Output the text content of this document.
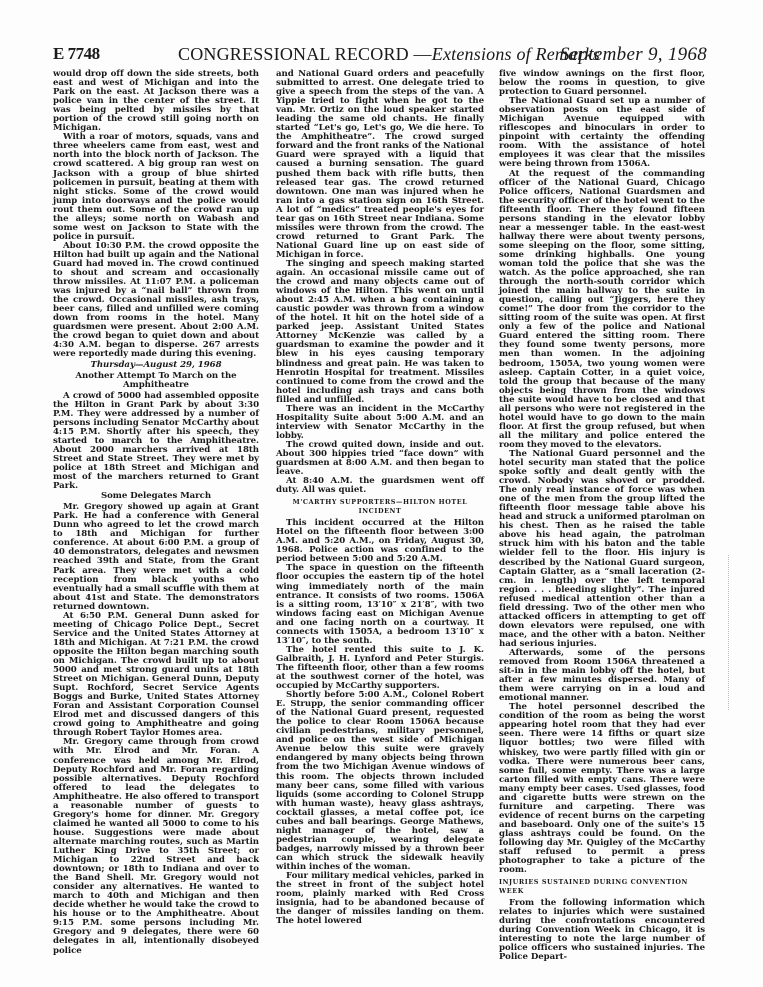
E 7748	CONGRESSIONAL RECORD —Extensions of Remarks
September 9, 1968

would drop off down the side streets, both east and west of Michigan and into the Park on the east. At Jackson there was a police van in the center of the street. It was being pelted by missiles by that portion of the crowd still going north on Michigan.

With a roar of motors, squads, vans and three wheelers came from east, west and north into the block north of Jackson. The crowd scattered. A big group ran west on Jackson with a group of blue shirted policemen in pursuit, beating at them with night sticks. Some of the crowd would jump into doorways and the police would rout them out. Some of the crowd ran up the alleys; some north on Wabash and some west on Jackson to State with the police in pursuit.

About 10:30 P.M. the crowd opposite the Hilton had built up again and the National Guard had moved in. The crowd continued to shout and scream and occasionally throw missiles. At 11:07 P.M. a policeman was injured by a “nail ball” thrown from the crowd. Occasional missiles, ash trays, beer cans, filled and unfilled were coming down from rooms in the hotel. Many guardsmen were present. About 2:00 A.M. the crowd began to quiet down and about 4:30 A.M. began to disperse. 267 arrests were reportedly made during this evening.

Thursday—August 29, 1968

Another Attempt To March on the Amphitheatre

A crowd of 5000 had assembled opposite the Hilton in Grant Park by about 3:30 P.M. They were addressed by a number of persons including Senator McCarthy about 4:15 P.M. Shortly after his speech, they started to march to the Amphitheatre. About 2000 marchers arrived at 18th Street and State Street. They were met by police at 18th Street and Michigan and most of the marchers returned to Grant Park.

Some Delegates March

Mr. Gregory showed up again at Grant Park. He had a conference with General Dunn who agreed to let the crowd march to 18th and Michigan for further conference. At about 6:00 P.M. a group of 40 demonstrators, delegates and newsmen reached 39th and State, from the Grant Park area. They were met with a cold reception from black youths who eventually had a small scuffle with them at about 41st and State. The demonstrators returned downtown.

At 6:50 P.M. General Dunn asked for meeting of Chicago Police Dept., Secret Service and the United States Attorney at 18th and Michigan. At 7:21 P.M. the crowd opposite the Hilton began marching south on Michigan. The crowd built up to about 5000 and met strong guard units at 18th Street on Michigan. General Dunn, Deputy Supt. Rochford, Secret Service Agents Boggs and Burke, United States Attorney Foran and Assistant Corporation Counsel Elrod met and discussed dangers of this crowd going to Amphitheatre and going through Robert Taylor Homes area.

Mr. Gregory came through from crowd with Mr. Elrod and Mr. Foran. A conference was held among Mr. Elrod, Deputy Rochford and Mr. Foran regarding possible alternatives. Deputy Rochford offered to lead the delegates to Amphitheatre. He also offered to transport a reasonable number of guests to Gregory's home for dinner. Mr. Gregory claimed he wanted all 5000 to come to his house. Suggestions were made about alternate marching routes, such as Martin Luther King Drive to 35th Street; or Michigan to 22nd Street and back downtown; or 18th to Indiana and over to the Band Shell. Mr. Gregory would not consider any alternatives. He wanted to march to 40th and Michigan and then decide whether he would take the crowd to his house or to the Amphitheatre. About 9:15 P.M. some persons including Mr. Gregory and 9 delegates, there were 60 delegates in all, intentionally disobeyed police

and National Guard orders and peacefully submitted to arrest. One delegate tried to give a speech from the steps of the van. A Yippie tried to fight when he got to the van. Mr. Ortiz on the loud speaker started leading the same old chants. He finally started “Let's go, Let's go, We die here. To the Amphitheatre”. The crowd surged forward and the front ranks of the National Guard were sprayed with a liquid that caused a burning sensation. The guard pushed them back with rifle butts, then released tear gas. The crowd returned downtown. One man was injured when he ran into a gas station sign on 16th Street. A lot of “medics” treated people's eyes for tear gas on 16th Street near Indiana. Some missiles were thrown from the crowd. The crowd returned to Grant Park. The National Guard line up on east side of Michigan in force.

The singing and speech making started again. An occasional missile came out of the crowd and many objects came out of windows of the Hilton. This went on until about 2:45 A.M. when a bag containing a caustic powder was thrown from a window of the hotel. It hit on the hotel side of a parked jeep. Assistant United States Attorney McKenzie was called by a guardsman to examine the powder and it blew in his eyes causing temporary blindness and great pain. He was taken to Henrotin Hospital for treatment. Missiles continued to come from the crowd and the hotel including ash trays and cans both filled and unfilled.

There was an incident in the McCarthy Hospitality Suite about 5:00 A.M. and an interview with Senator McCarthy in the lobby.

The crowd quited down, inside and out. About 300 hippies tried “face down” with guardsmen at 8:00 A.M. and then began to leave.

At 8:40 A.M. the guardsmen went off duty. All was quiet.

M'CARTHY SUPPORTERS—HILTON HOTEL INCIDENT

This incident occurred at the Hilton Hotel on the fifteenth floor between 3:00 A.M. and 5:20 A.M., on Friday, August 30, 1968. Police action was confined to the period between 5:00 and 5:20 A.M.

The space in question on the fifteenth floor occupies the eastern tip of the hotel wing immediately north of the main entrance. It consists of two rooms. 1506A is a sitting room, 13′10″ x 21′8″, with two windows facing east on Michigan Avenue and one facing north on a courtway. It connects with 1505A, a bedroom 13′10″ x 13′10″, to the south.

The hotel rented this suite to J. K. Galbraith, J. H. Lynford and Peter Sturgis. The fifteenth floor, other than a few rooms at the southwest corner of the hotel, was occupied by McCarthy supporters.

Shortly before 5:00 A.M., Colonel Robert E. Strupp, the senior commanding officer of the National Guard present, requested the police to clear Room 1506A because civilian pedestrians, military personnel, and police on the west side of Michigan Avenue below this suite were gravely endangered by many objects being thrown from the two Michigan Avenue windows of this room. The objects thrown included many beer cans, some filled with various liquids (some according to Colonel Strupp with human waste), heavy glass ashtrays, cocktail glasses, a metal coffee pot, ice cubes and ball bearings. George Mathews, night manager of the hotel, saw a pedestrian couple, wearing delegate badges, narrowly missed by a thrown beer can which struck the sidewalk heavily within inches of the woman.

Four military medical vehicles, parked in the street in front of the subject hotel room, plainly marked with Red Cross insignia, had to be abandoned because of the danger of missiles landing on them. The hotel lowered

five window awnings on the first floor, below the rooms in question, to give protection to Guard personnel.

The National Guard set up a number of observation posts on the east side of Michigan Avenue equipped with riflescopes and binoculars in order to pinpoint with certainty the offending room. With the assistance of hotel employees it was clear that the missiles were being thrown from 1506A.

At the request of the commanding officer of the National Guard, Chicago Police officers, National Guardsmen and the security officer of the hotel went to the fifteenth floor. There they found fifteen persons standing in the elevator lobby near a messenger table. In the east-west hallway there were about twenty persons, some sleeping on the floor, some sitting, some drinking highballs. One young woman told the police that she was the watch. As the police approached, she ran through the north-south corridor which joined the main hallway to the suite in question, calling out “Jiggers, here they come!” The door from the corridor to the sitting room of the suite was open. At first only a few of the police and National Guard entered the sitting room. There they found some twenty persons, more men than women. In the adjoining bedroom, 1505A, two young women were asleep. Captain Cotter, in a quiet voice, told the group that because of the many objects being thrown from the windows the suite would have to be closed and that all persons who were not registered in the hotel would have to go down to the main floor. At first the group refused, but when all the military and police entered the room they moved to the elevators.

The National Guard personnel and the hotel security man stated that the police spoke softly and dealt gently with the crowd. Nobody was shoved or prodded. The only real instance of force was when one of the men from the group lifted the fifteenth floor message table above his head and struck a uniformed ptarolman on his chest. Then as he raised the table above his head again, the patrolman struck him with his baton and the table wielder fell to the floor. His injury is described by the National Guard surgeon, Captain Glatter, as a “small laceration (2-cm. in length) over the left temporal region . . . bleeding slightly”. The injured refused medical attention other than a field dressing. Two of the other men who attacked officers in attempting to get off down elevators were repulsed, one with mace, and the other with a baton. Neither had serious injuries.

Afterwards, some of the persons removed from Room 1506A threatened a sit-in in the main lobby off the hotel, but after a few minutes dispersed. Many of them were carrying on in a loud and emotional manner.

The hotel personnel described the condition of the room as being the worst appearing hotel room that they had ever seen. There were 14 fifths or quart size liquor bottles; two were filled with whiskey, two were partly filled with gin or vodka. There were numerous beer cans, some full, some empty. There was a large carton filled with empty cans. There were many empty beer cases. Used glasses, food and cigarette butts were strewn on the furniture and carpeting. There was evidence of recent burns on the carpeting and baseboard. Only one of the suite's 15 glass ashtrays could be found. On the following day Mr. Quigley of the McCarthy staff refused to permit a press photographer to take a picture of the room.

INJURIES SUSTAINED DURING CONVENTION WEEK

From the following information which relates to injuries which were sustained during the confrontations encountered during Convention Week in Chicago, it is interesting to note the large number of police officers who sustained injuries. The Police Depart-
